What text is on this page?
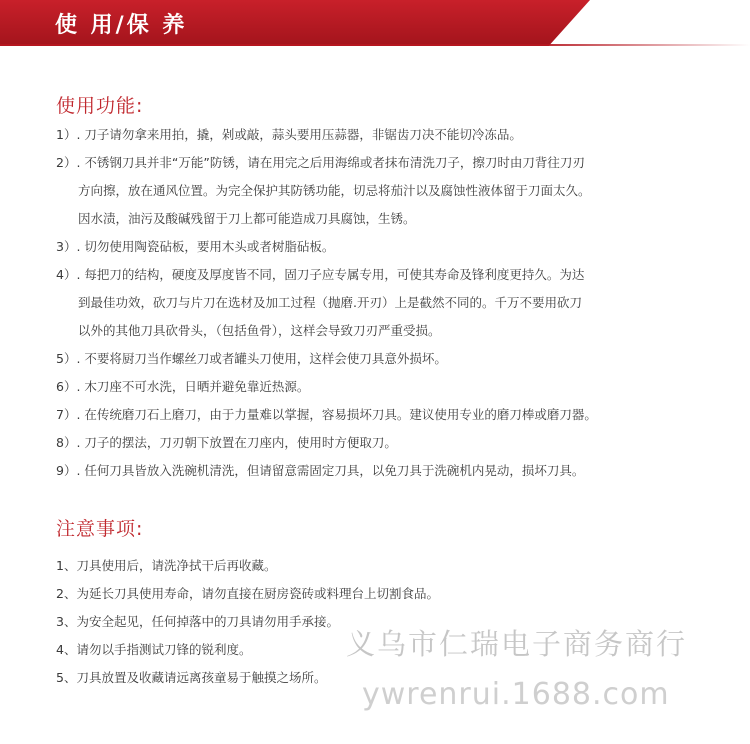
使 用/保 养
使用功能:
1）. 刀子请勿拿来用拍，撬，剁或敲，蒜头要用压蒜器，非锯齿刀决不能切冷冻品。
2）. 不锈钢刀具并非“万能”防锈，请在用完之后用海绵或者抹布清洗刀子，擦刀时由刀背往刀刃
方向擦，放在通风位置。为完全保护其防锈功能，切忌将茄汁以及腐蚀性液体留于刀面太久。
因水渍，油污及酸碱残留于刀上都可能造成刀具腐蚀，生锈。
3）. 切勿使用陶瓷砧板，要用木头或者树脂砧板。
4）. 每把刀的结构，硬度及厚度皆不同，固刀子应专属专用，可使其寿命及锋利度更持久。为达
到最佳功效，砍刀与片刀在选材及加工过程（抛磨.开刃）上是截然不同的。千万不要用砍刀
以外的其他刀具砍骨头，（包括鱼骨），这样会导致刀刃严重受损。
5）. 不要将厨刀当作螺丝刀或者罐头刀使用，这样会使刀具意外损坏。
6）. 木刀座不可水洗，日晒并避免靠近热源。
7）. 在传统磨刀石上磨刀，由于力量难以掌握，容易损坏刀具。建议使用专业的磨刀棒或磨刀器。
8）. 刀子的摆法，刀刃朝下放置在刀座内，使用时方便取刀。
9）. 任何刀具皆放入洗碗机清洗，但请留意需固定刀具，以免刀具于洗碗机内晃动，损坏刀具。
注意事项:
1、刀具使用后，请洗净拭干后再收藏。
2、为延长刀具使用寿命，请勿直接在厨房瓷砖或料理台上切割食品。
3、为安全起见，任何掉落中的刀具请勿用手承接。
4、请勿以手指测试刀锋的锐利度。
5、刀具放置及收藏请远离孩童易于触摸之场所。
义乌市仁瑞电子商务商行
ywrenrui.1688.com
